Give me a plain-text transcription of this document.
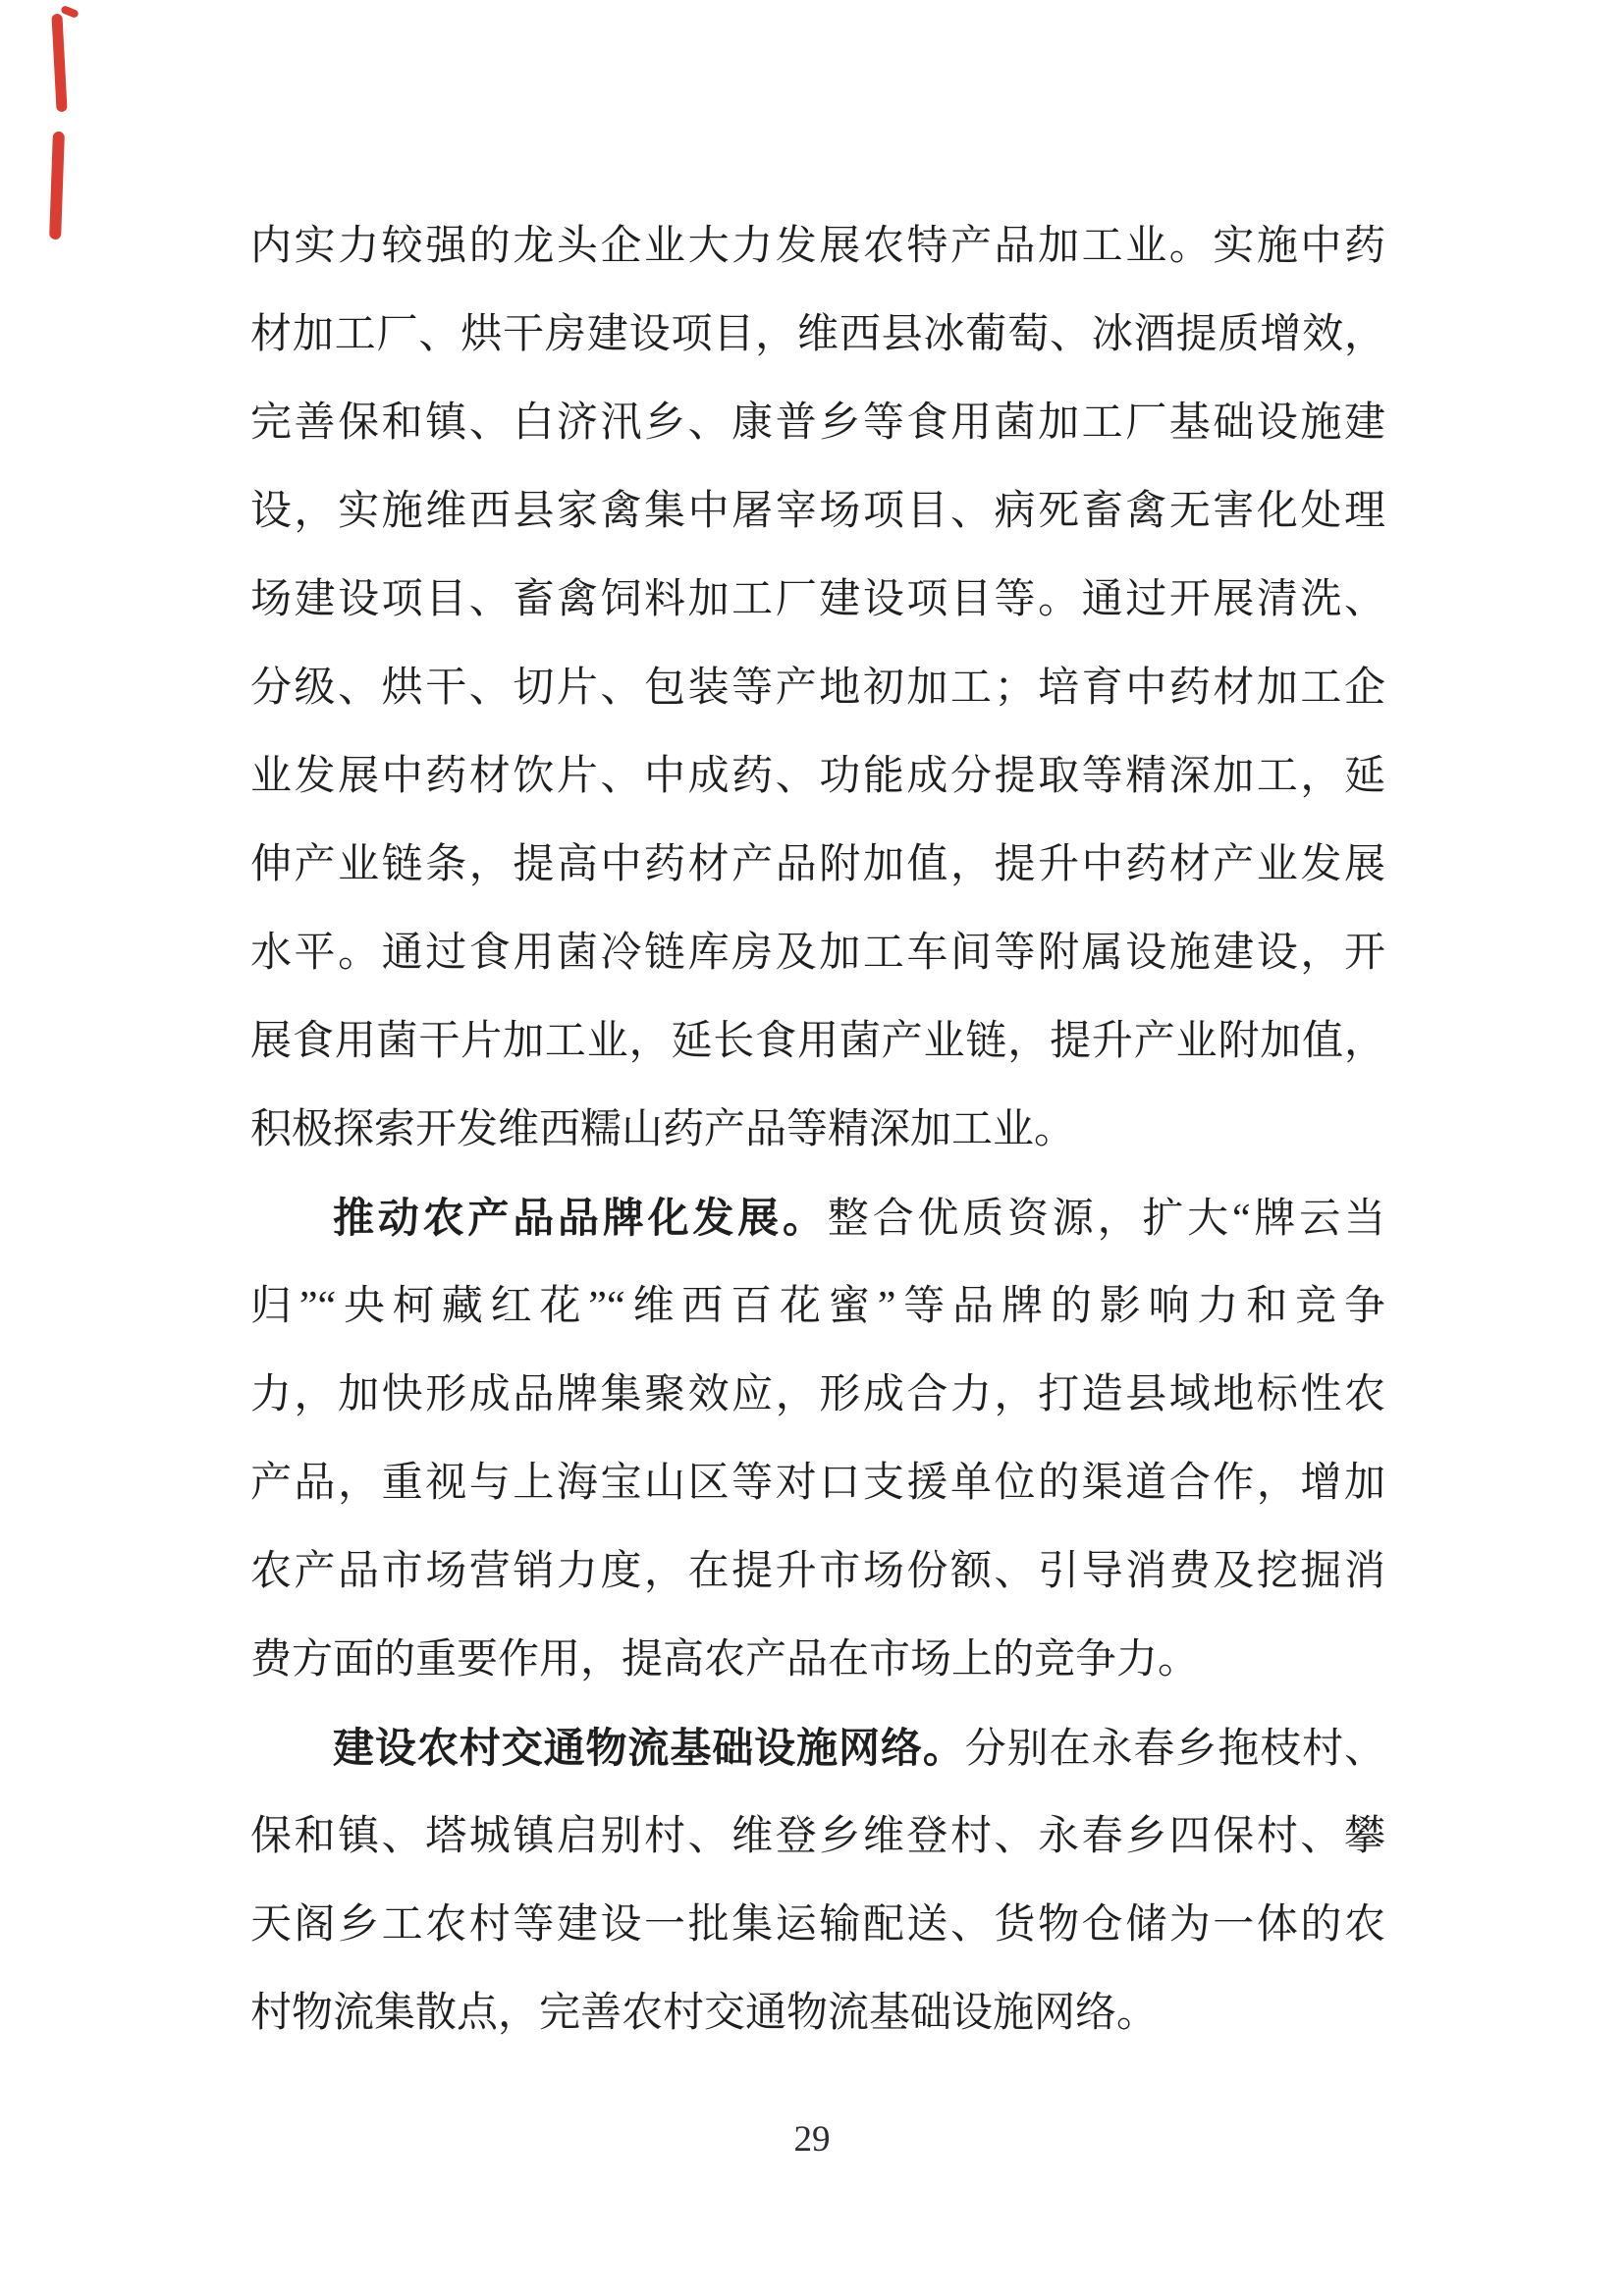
内实力较强的龙头企业大力发展农特产品加工业。实施中药
材加工厂、烘干房建设项目，维西县冰葡萄、冰酒提质增效，
完善保和镇、白济汛乡、康普乡等食用菌加工厂基础设施建
设，实施维西县家禽集中屠宰场项目、病死畜禽无害化处理
场建设项目、畜禽饲料加工厂建设项目等。通过开展清洗、
分级、烘干、切片、包装等产地初加工；培育中药材加工企
业发展中药材饮片、中成药、功能成分提取等精深加工，延
伸产业链条，提高中药材产品附加值，提升中药材产业发展
水平。通过食用菌冷链库房及加工车间等附属设施建设，开
展食用菌干片加工业，延长食用菌产业链，提升产业附加值，
积极探索开发维西糯山药产品等精深加工业。
推动农产品品牌化发展。整合优质资源，扩大“牌云当
归”“央柯藏红花”“维西百花蜜”等品牌的影响力和竞争
力，加快形成品牌集聚效应，形成合力，打造县域地标性农
产品，重视与上海宝山区等对口支援单位的渠道合作，增加
农产品市场营销力度，在提升市场份额、引导消费及挖掘消
费方面的重要作用，提高农产品在市场上的竞争力。
建设农村交通物流基础设施网络。分别在永春乡拖枝村、
保和镇、塔城镇启别村、维登乡维登村、永春乡四保村、攀
天阁乡工农村等建设一批集运输配送、货物仓储为一体的农
村物流集散点，完善农村交通物流基础设施网络。
29
